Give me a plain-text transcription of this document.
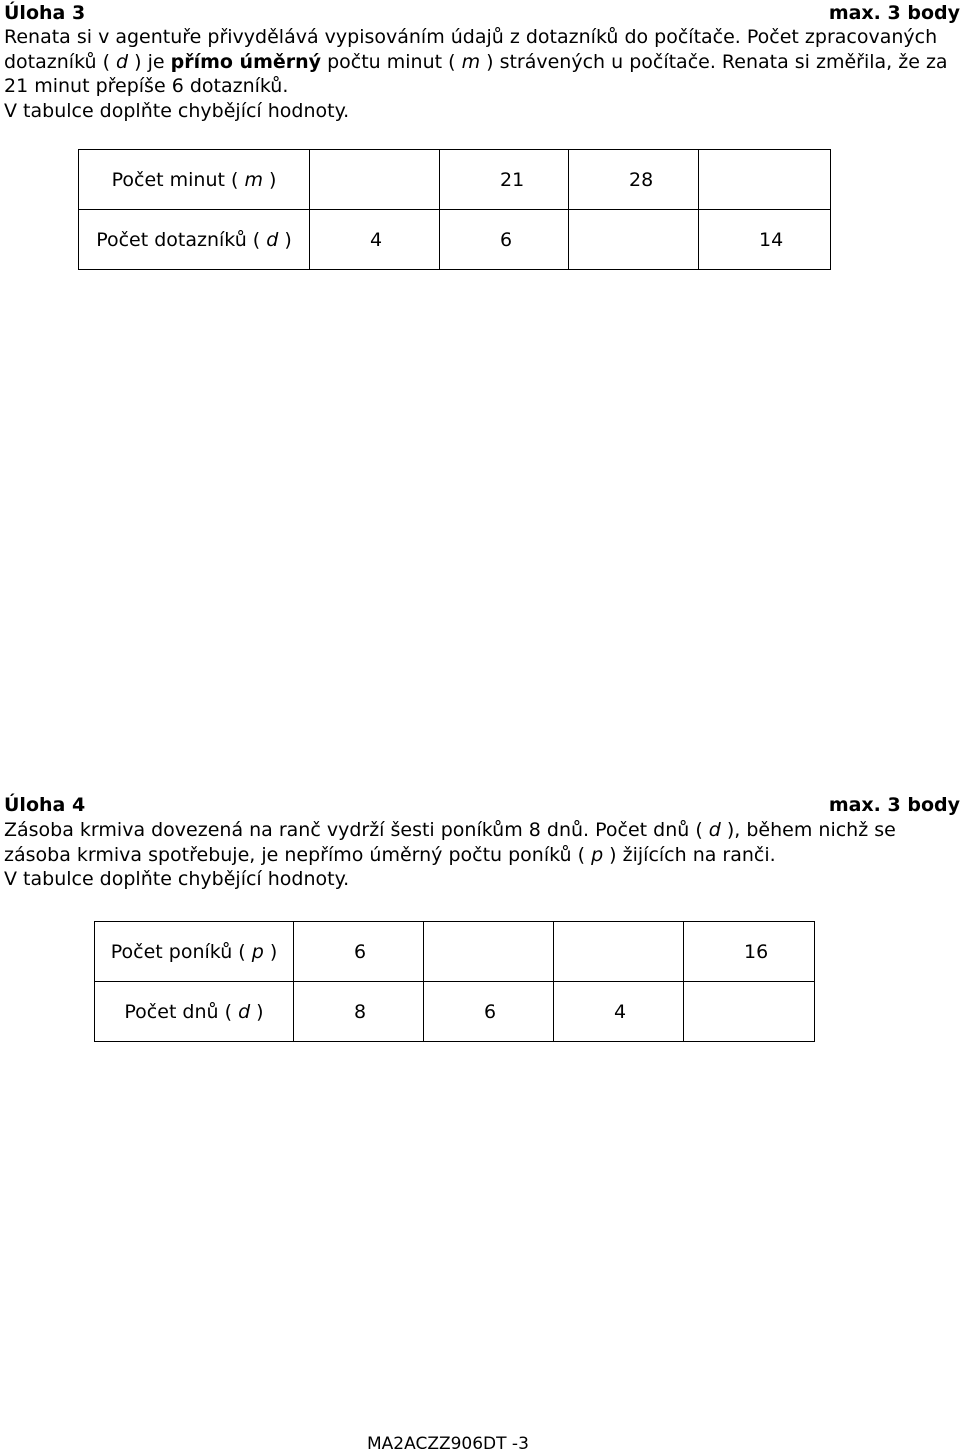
Úloha 3	max. 3 body
Renata si v agentuře přivydělává vypisováním údajů z dotazníků do počítače. Počet zpracovaných
dotazníků ( d ) je přímo úměrný počtu minut ( m ) strávených u počítače. Renata si změřila, že za
21 minut přepíše 6 dotazníků.
V tabulce doplňte chybějící hodnoty.
Počet minut ( m )		21	28	
Počet dotazníků ( d )	4	6		14
Úloha 4	max. 3 body
Zásoba krmiva dovezená na ranč vydrží šesti poníkům 8 dnů. Počet dnů ( d ), během nichž se
zásoba krmiva spotřebuje, je nepřímo úměrný počtu poníků ( p ) žijících na ranči.
V tabulce doplňte chybějící hodnoty.
Počet poníků ( p )	6			16
Počet dnů ( d )	8	6	4	
MA2ACZZ906DT -3
